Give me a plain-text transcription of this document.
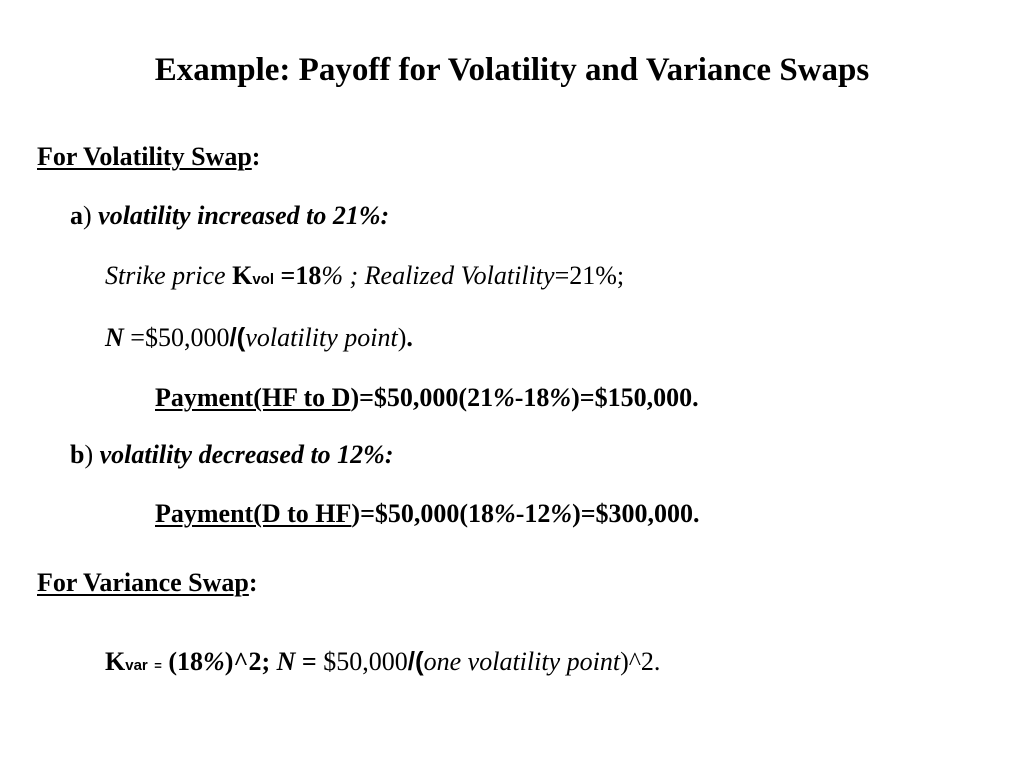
Example: Payoff for Volatility and Variance Swaps
For Volatility Swap:
a) volatility increased to 21%:
Strike price Kvol =18% ; Realized Volatility=21%;
N =$50,000/(volatility point).
Payment(HF to D)=$50,000(21%-18%)=$150,000.
b) volatility decreased to 12%:
Payment(D to HF)=$50,000(18%-12%)=$300,000.
For Variance Swap:
Kvar = (18%)^2; N = $50,000/(one volatility point)^2.
